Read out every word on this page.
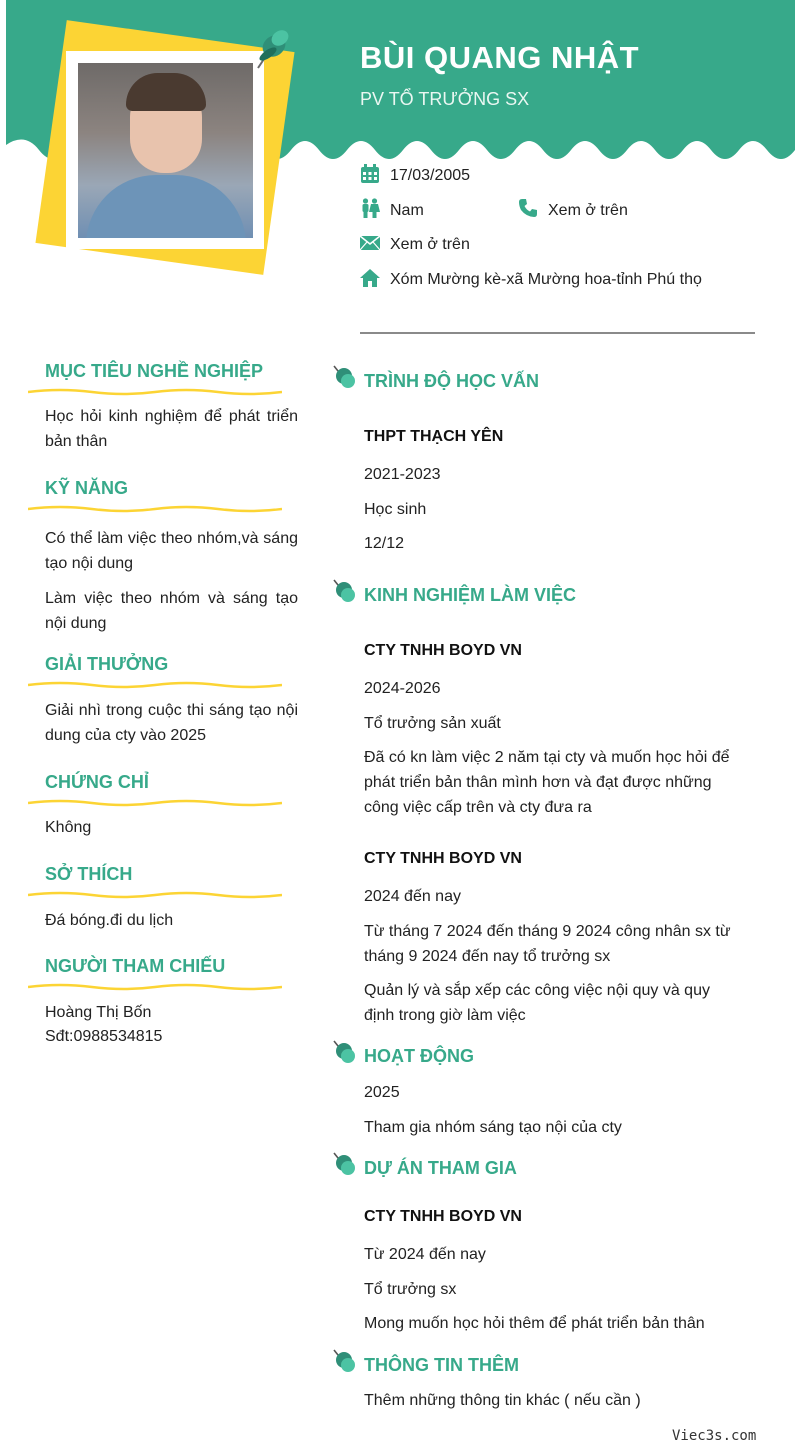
BÙI QUANG NHẬT
PV TỔ TRƯỞNG SX
17/03/2005
Nam	Xem ở trên
Xem ở trên
Xóm Mường kè-xã Mường hoa-tỉnh Phú thọ
MỤC TIÊU NGHỀ NGHIỆP
Học hỏi kinh nghiệm để phát triển bản thân
KỸ NĂNG
Có thể làm việc theo nhóm,và sáng tạo nội dung
Làm việc theo nhóm và sáng tạo nội dung
GIẢI THƯỞNG
Giải nhì trong cuộc thi sáng tạo nội dung của cty vào 2025
CHỨNG CHỈ
Không
SỞ THÍCH
Đá bóng.đi du lịch
NGƯỜI THAM CHIẾU
Hoàng Thị Bốn
Sđt:0988534815
TRÌNH ĐỘ HỌC VẤN
THPT THẠCH YÊN
2021-2023
Học sinh
12/12
KINH NGHIỆM LÀM VIỆC
CTY TNHH BOYD VN
2024-2026
Tổ trưởng sản xuất
Đã có kn làm việc 2 năm tại cty và muốn học hỏi để phát triển bản thân mình hơn và đạt được những công việc cấp trên và cty đưa ra
CTY TNHH BOYD VN
2024 đến nay
Từ tháng 7 2024 đến tháng 9 2024 công nhân sx từ tháng 9 2024 đến nay tổ trưởng sx
Quản lý và sắp xếp các công việc nội quy và quy định trong giờ làm việc
HOẠT ĐỘNG
2025
Tham gia nhóm sáng tạo nội của cty
DỰ ÁN THAM GIA
CTY TNHH BOYD VN
Từ 2024 đến nay
Tổ trưởng sx
Mong muốn học hỏi thêm để phát triển bản thân
THÔNG TIN THÊM
Thêm những thông tin khác ( nếu cần )
Viec3s.com
